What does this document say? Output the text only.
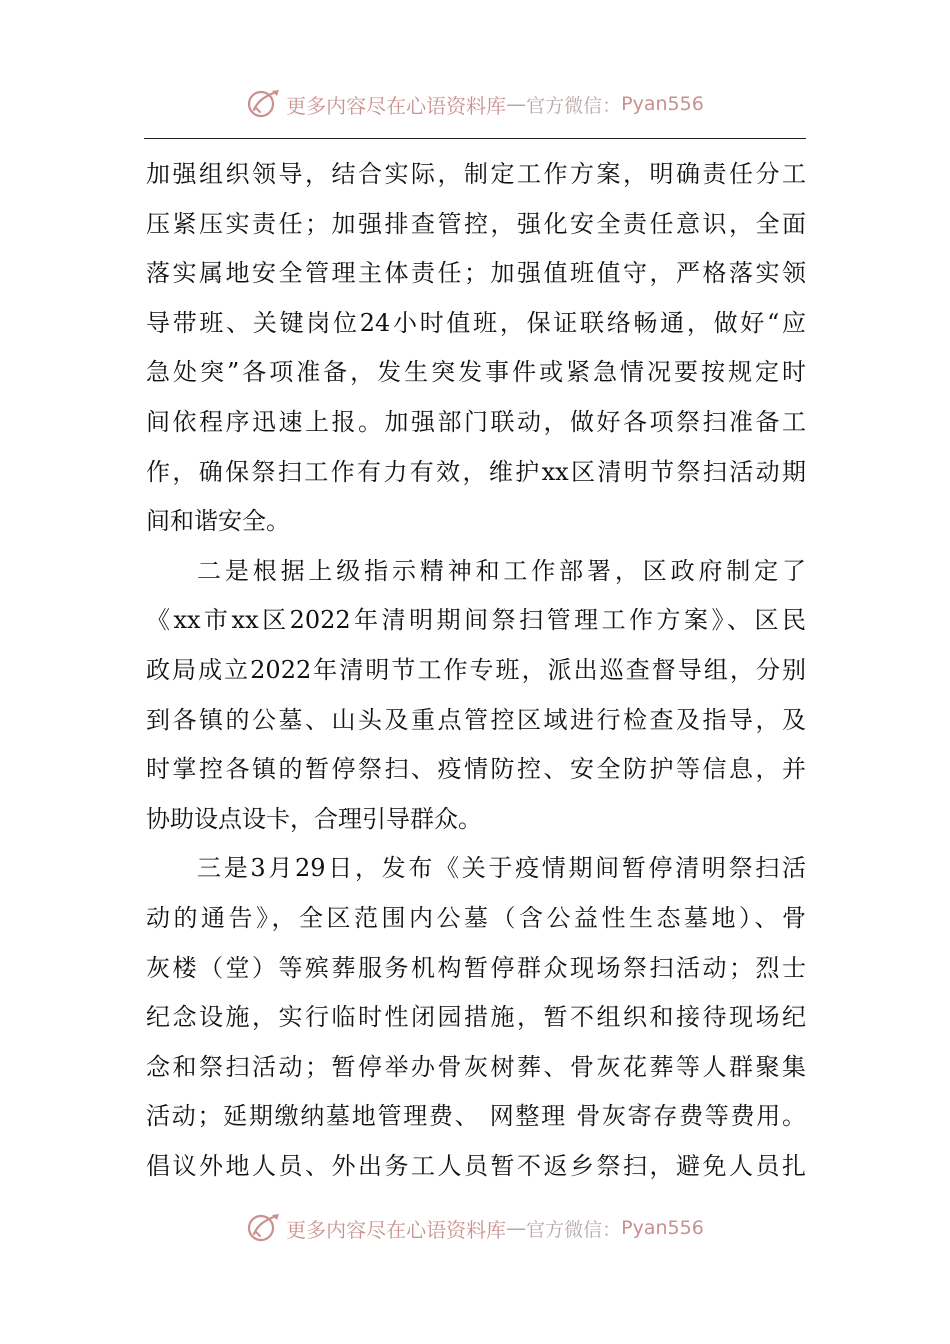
更多内容尽在心语资料库 — 官方微信： Pyan556
加强组织领导，结合实际，制定工作方案，明确责任分工
压紧压实责任；加强排查管控，强化安全责任意识，全面
落实属地安全管理主体责任；加强值班值守，严格落实领
导带班、关键岗位24小时值班，保证联络畅通，做好“应
急处突”各项准备，发生突发事件或紧急情况要按规定时
间依程序迅速上报。加强部门联动，做好各项祭扫准备工
作，确保祭扫工作有力有效，维护xx区清明节祭扫活动期
间和谐安全。
二是根据上级指示精神和工作部署，区政府制定了
《xx市xx区2022年清明期间祭扫管理工作方案》、区民
政局成立2022年清明节工作专班，派出巡查督导组，分别
到各镇的公墓、山头及重点管控区域进行检查及指导，及
时掌控各镇的暂停祭扫、疫情防控、安全防护等信息，并
协助设点设卡，合理引导群众。
三是3月29日，发布《关于疫情期间暂停清明祭扫活
动的通告》，全区范围内公墓（含公益性生态墓地）、骨
灰楼（堂）等殡葬服务机构暂停群众现场祭扫活动；烈士
纪念设施，实行临时性闭园措施，暂不组织和接待现场纪
念和祭扫活动；暂停举办骨灰树葬、骨灰花葬等人群聚集
活动；延期缴纳墓地管理费、 网整理 骨灰寄存费等费用。
倡议外地人员、外出务工人员暂不返乡祭扫，避免人员扎
更多内容尽在心语资料库 — 官方微信： Pyan556
